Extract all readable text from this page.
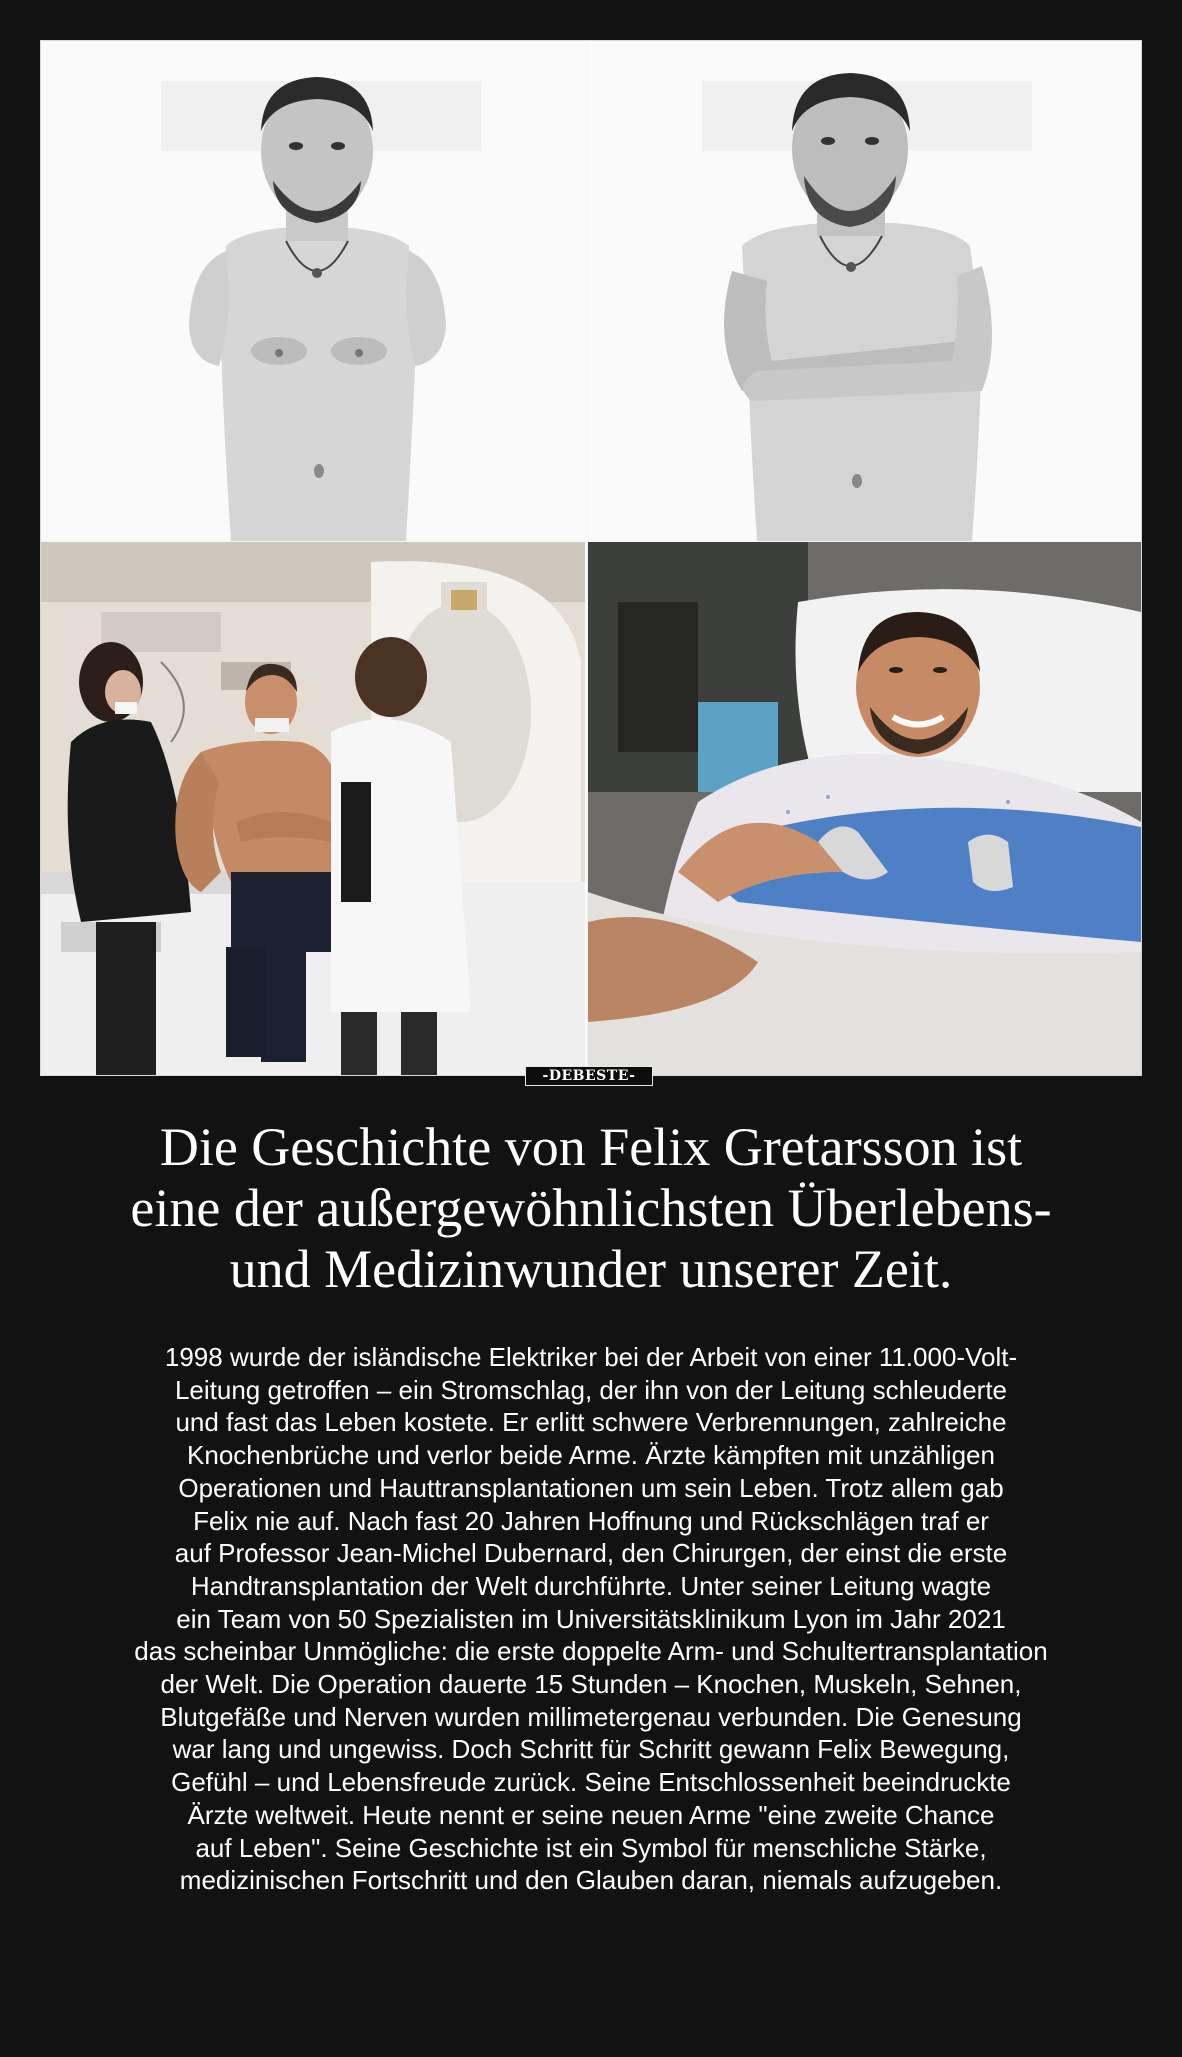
-DEBESTE-
Die Geschichte von Felix Gretarsson ist
eine der außergewöhnlichsten Überlebens-
und Medizinwunder unserer Zeit.
1998 wurde der isländische Elektriker bei der Arbeit von einer 11.000-Volt-
Leitung getroffen – ein Stromschlag, der ihn von der Leitung schleuderte
und fast das Leben kostete. Er erlitt schwere Verbrennungen, zahlreiche
Knochenbrüche und verlor beide Arme. Ärzte kämpften mit unzähligen
Operationen und Hauttransplantationen um sein Leben. Trotz allem gab
Felix nie auf. Nach fast 20 Jahren Hoffnung und Rückschlägen traf er
auf Professor Jean-Michel Dubernard, den Chirurgen, der einst die erste
Handtransplantation der Welt durchführte. Unter seiner Leitung wagte
ein Team von 50 Spezialisten im Universitätsklinikum Lyon im Jahr 2021
das scheinbar Unmögliche: die erste doppelte Arm- und Schultertransplantation
der Welt. Die Operation dauerte 15 Stunden – Knochen, Muskeln, Sehnen,
Blutgefäße und Nerven wurden millimetergenau verbunden. Die Genesung
war lang und ungewiss. Doch Schritt für Schritt gewann Felix Bewegung,
Gefühl – und Lebensfreude zurück. Seine Entschlossenheit beeindruckte
Ärzte weltweit. Heute nennt er seine neuen Arme "eine zweite Chance
auf Leben". Seine Geschichte ist ein Symbol für menschliche Stärke,
medizinischen Fortschritt und den Glauben daran, niemals aufzugeben.
